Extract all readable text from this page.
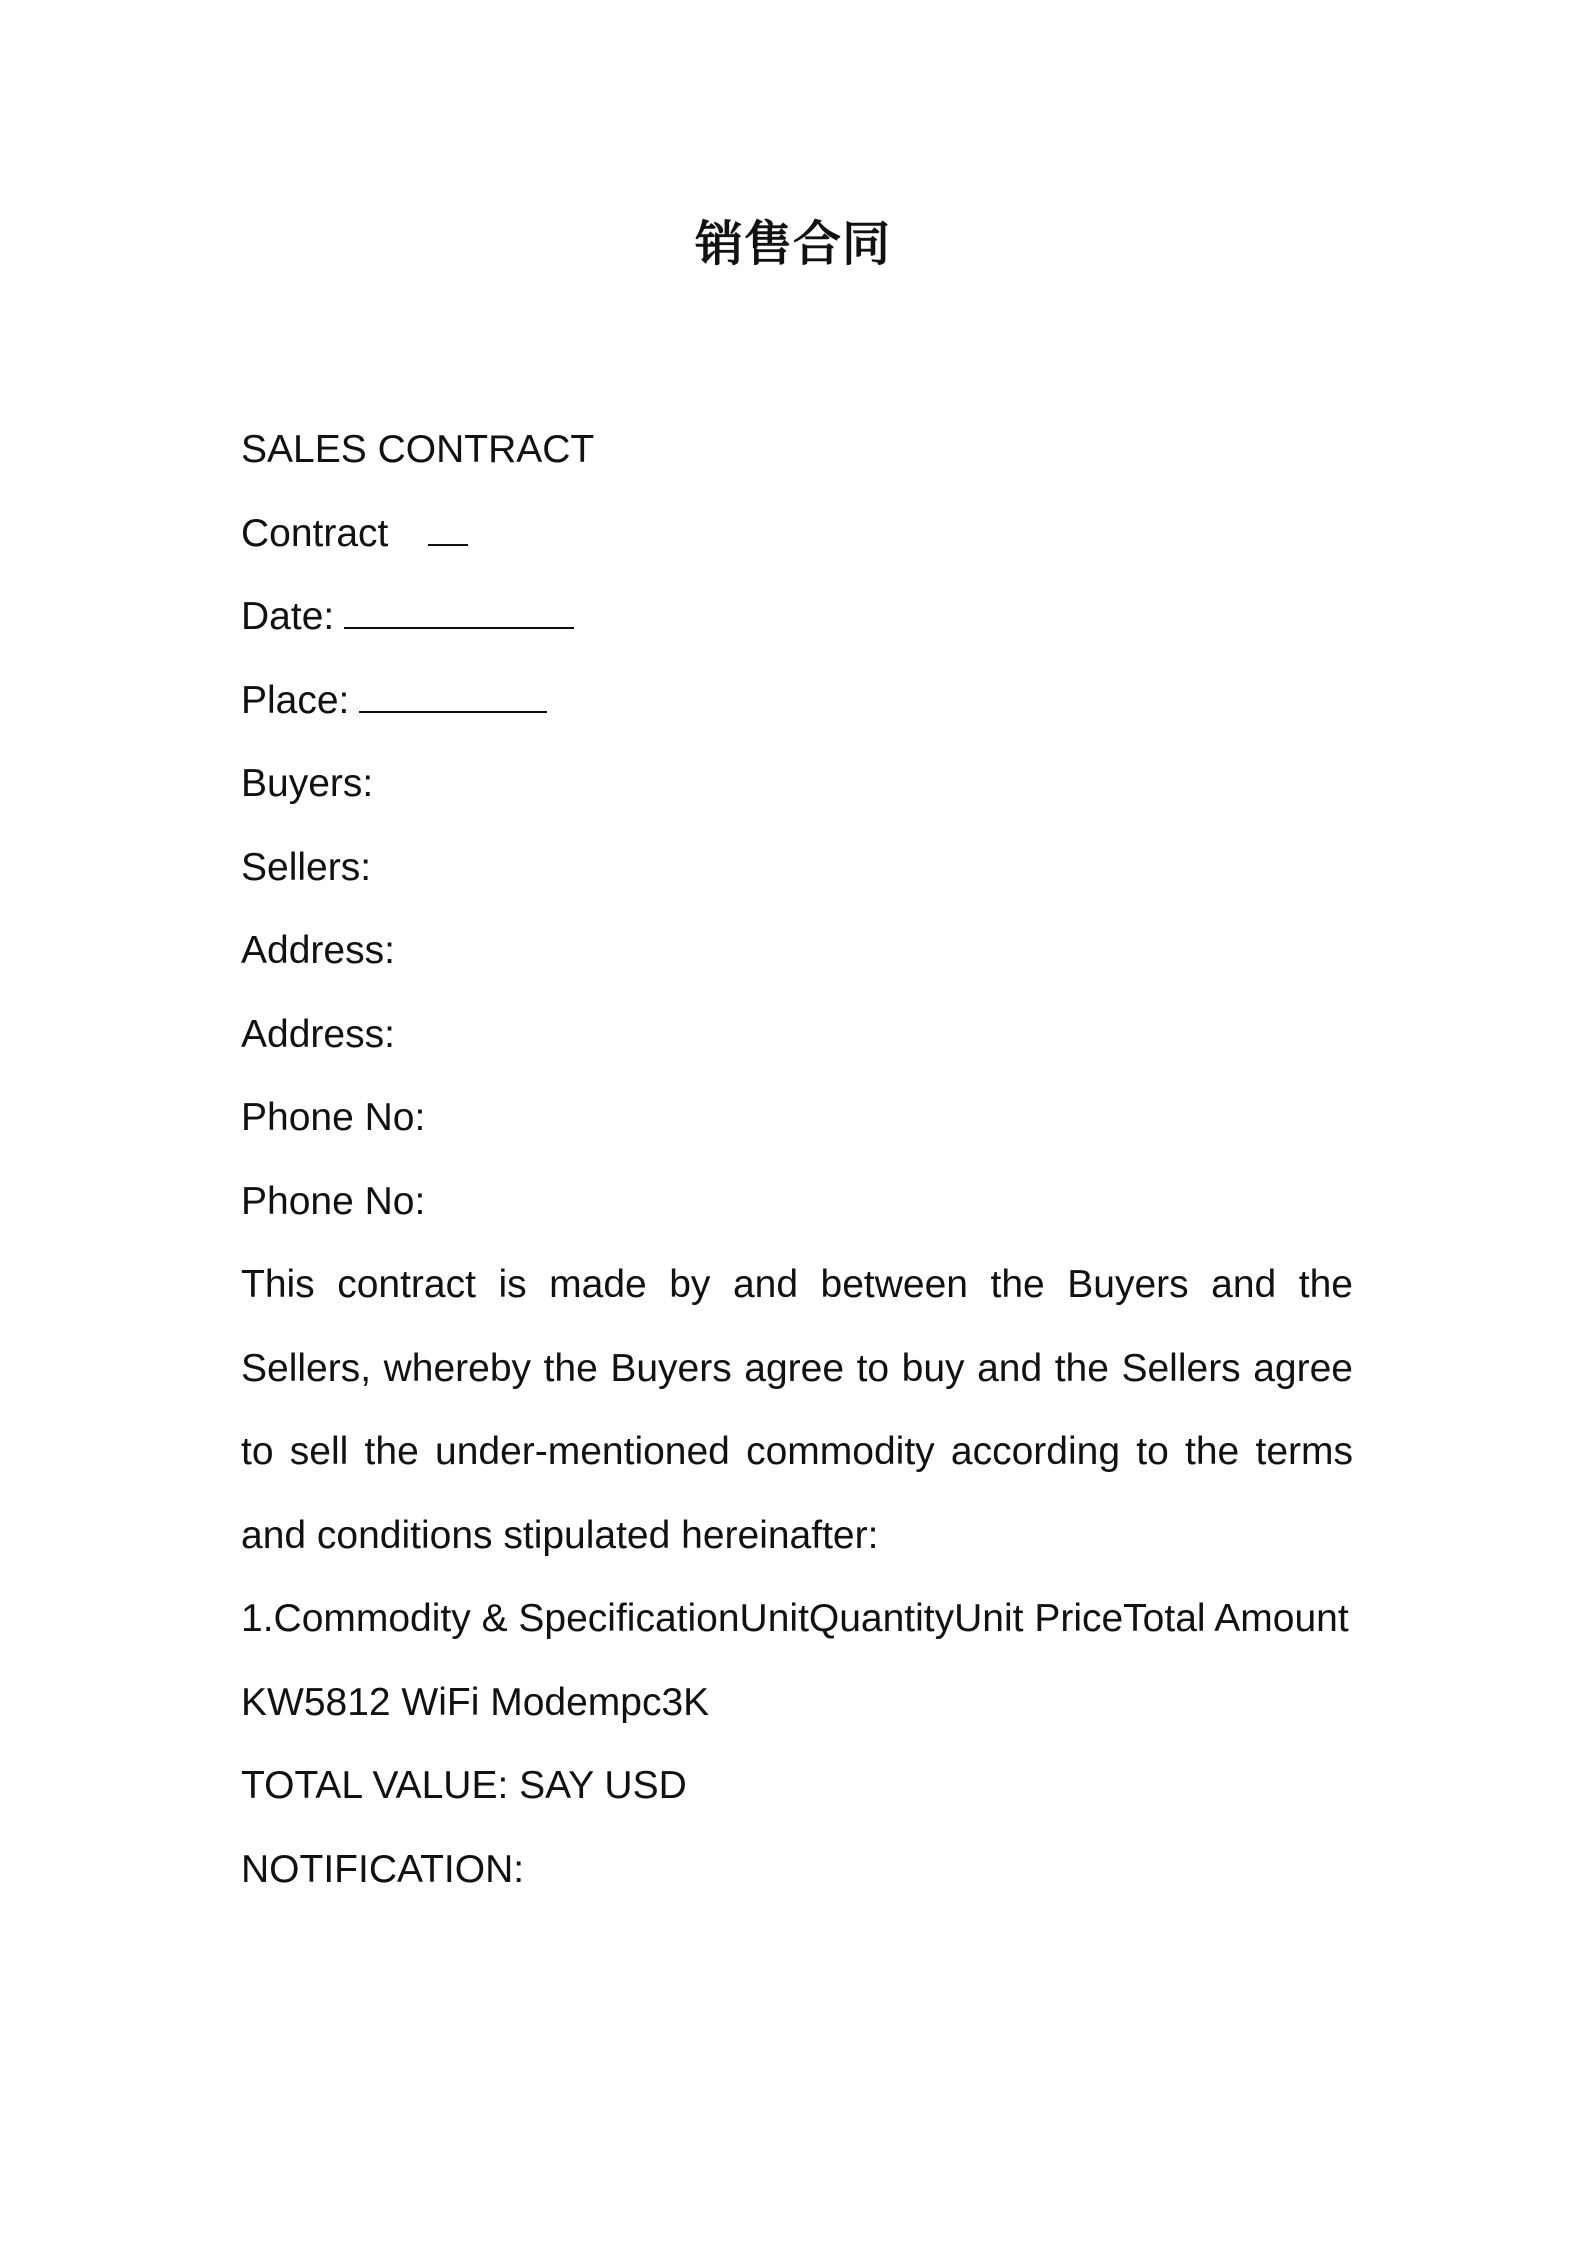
销售合同
SALES CONTRACT
Contract
Date:
Place:
Buyers:
Sellers:
Address:
Address:
Phone No:
Phone No:
This contract is made by and between the Buyers and the Sellers, whereby the Buyers agree to buy and the Sellers agree to sell the under-mentioned commodity according to the terms and conditions stipulated hereinafter:
1.Commodity & SpecificationUnitQuantityUnit PriceTotal Amount
KW5812 WiFi Modempc3K
TOTAL VALUE: SAY USD
NOTIFICATION:
